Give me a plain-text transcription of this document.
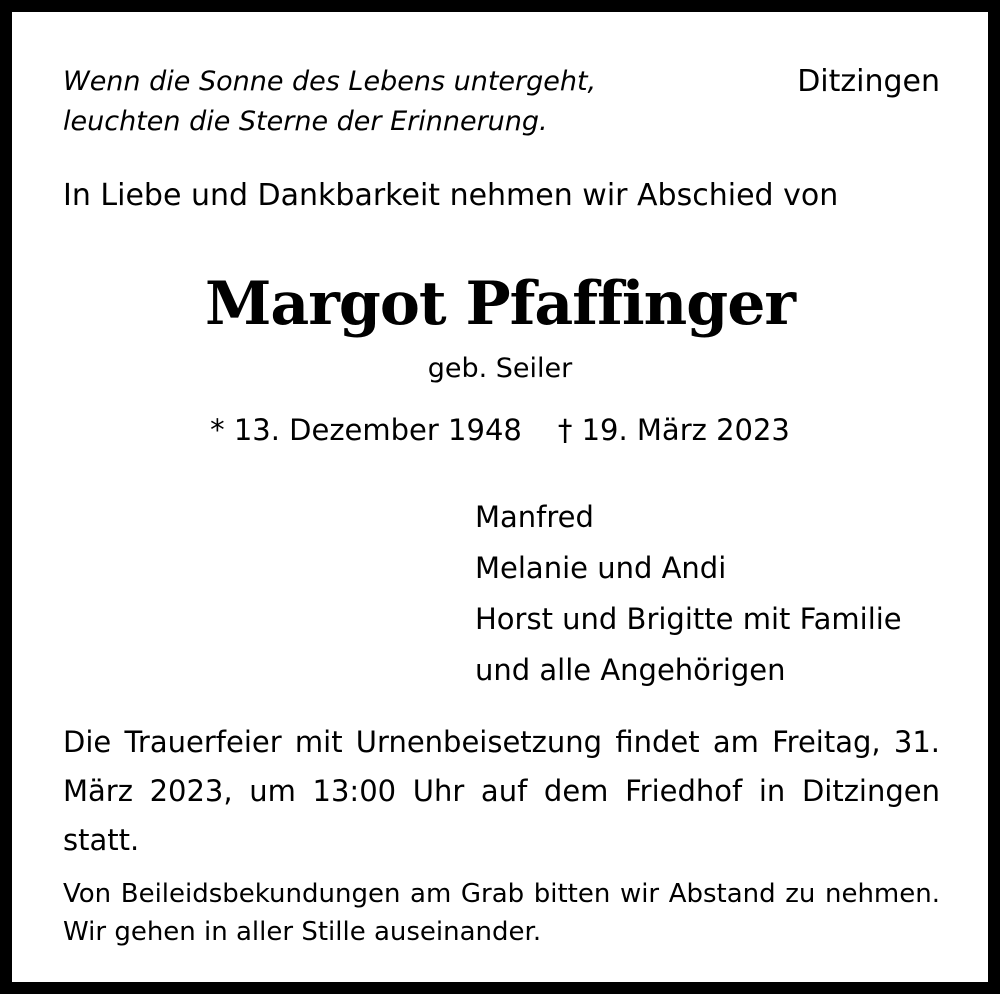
Wenn die Sonne des Lebens untergeht,
leuchten die Sterne der Erinnerung.
Ditzingen
In Liebe und Dankbarkeit nehmen wir Abschied von
Margot Pfaffinger
geb. Seiler
* 13. Dezember 1948 † 19. März 2023
Manfred
Melanie und Andi
Horst und Brigitte mit Familie
und alle Angehörigen
Die Trauerfeier mit Urnenbeisetzung findet am Freitag, 31. März 2023, um 13:00 Uhr auf dem Friedhof in Ditzingen statt.
Von Beileidsbekundungen am Grab bitten wir Abstand zu nehmen. Wir gehen in aller Stille auseinander.
